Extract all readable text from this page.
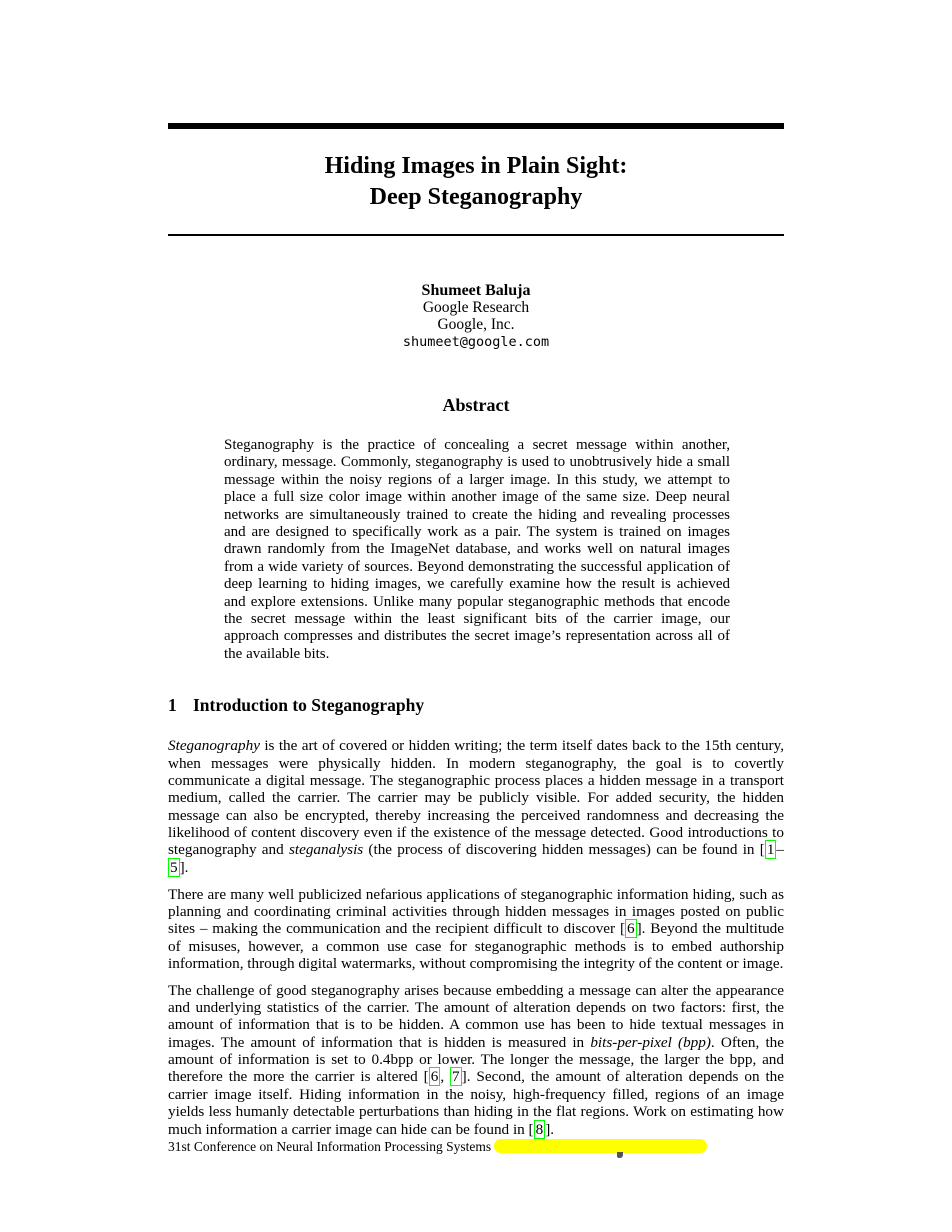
Hiding Images in Plain Sight:
Deep Steganography
Shumeet Baluja
Google Research
Google, Inc.
shumeet@google.com
Abstract
Steganography is the practice of concealing a secret message within another, ordinary, message. Commonly, steganography is used to unobtrusively hide a small message within the noisy regions of a larger image. In this study, we attempt to place a full size color image within another image of the same size. Deep neural networks are simultaneously trained to create the hiding and revealing processes and are designed to specifically work as a pair. The system is trained on images drawn randomly from the ImageNet database, and works well on natural images from a wide variety of sources. Beyond demonstrating the successful application of deep learning to hiding images, we carefully examine how the result is achieved and explore extensions. Unlike many popular steganographic methods that encode the secret message within the least significant bits of the carrier image, our approach compresses and distributes the secret image’s representation across all of the available bits.
1 Introduction to Steganography

Steganography is the art of covered or hidden writing; the term itself dates back to the 15th century, when messages were physically hidden. In modern steganography, the goal is to covertly communicate a digital message. The steganographic process places a hidden message in a transport medium, called the carrier. The carrier may be publicly visible. For added security, the hidden message can also be encrypted, thereby increasing the perceived randomness and decreasing the likelihood of content discovery even if the existence of the message detected. Good introductions to steganography and steganalysis (the process of discovering hidden messages) can be found in [ 1 –5 ].

There are many well publicized nefarious applications of steganographic information hiding, such as planning and coordinating criminal activities through hidden messages in images posted on public sites – making the communication and the recipient difficult to discover [ 6 ]. Beyond the multitude of misuses, however, a common use case for steganographic methods is to embed authorship information, through digital watermarks, without compromising the integrity of the content or image.

The challenge of good steganography arises because embedding a message can alter the appearance and underlying statistics of the carrier. The amount of alteration depends on two factors: first, the amount of information that is to be hidden. A common use has been to hide textual messages in images. The amount of information that is hidden is measured in bits-per-pixel (bpp). Often, the amount of information is set to 0.4bpp or lower. The longer the message, the larger the bpp, and therefore the more the carrier is altered [ 6 , 7 ]. Second, the amount of alteration depends on the carrier image itself. Hiding information in the noisy, high-frequency filled, regions of an image yields less humanly detectable perturbations than hiding in the flat regions. Work on estimating how much information a carrier image can hide can be found in [ 8 ].

31st Conference on Neural Information Processing Systems
